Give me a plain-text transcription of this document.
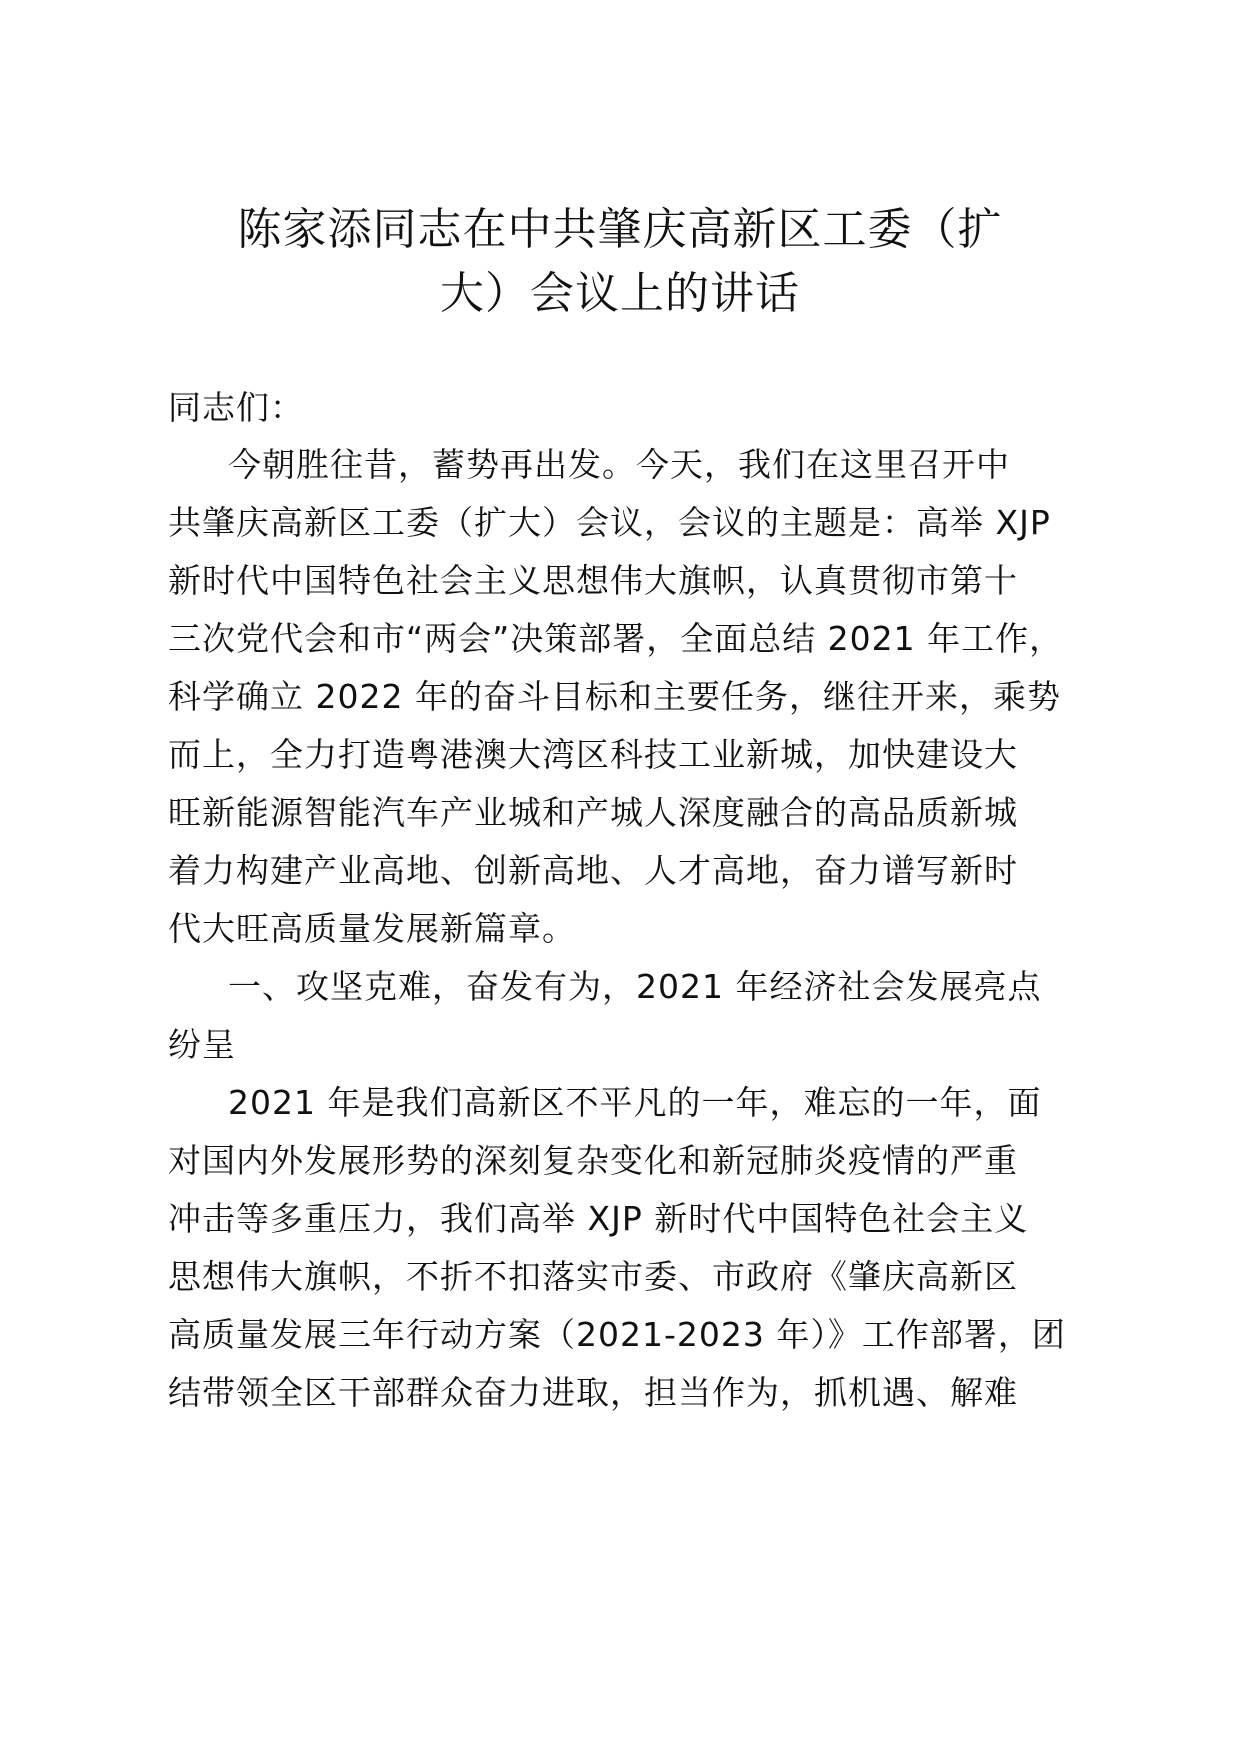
陈家添同志在中共肇庆高新区工委（扩
大）会议上的讲话
同志们：
今朝胜往昔，蓄势再出发。今天，我们在这里召开中
共肇庆高新区工委（扩大）会议，会议的主题是：高举 XJP
新时代中国特色社会主义思想伟大旗帜，认真贯彻市第十
三次党代会和市“两会”决策部署，全面总结 2021 年工作，
科学确立 2022 年的奋斗目标和主要任务，继往开来，乘势
而上，全力打造粤港澳大湾区科技工业新城，加快建设大
旺新能源智能汽车产业城和产城人深度融合的高品质新城
着力构建产业高地、创新高地、人才高地，奋力谱写新时
代大旺高质量发展新篇章。
一、攻坚克难，奋发有为，2021 年经济社会发展亮点
纷呈
2021 年是我们高新区不平凡的一年，难忘的一年，面
对国内外发展形势的深刻复杂变化和新冠肺炎疫情的严重
冲击等多重压力，我们高举 XJP 新时代中国特色社会主义
思想伟大旗帜，不折不扣落实市委、市政府《肇庆高新区
高质量发展三年行动方案（2021-2023 年）》工作部署，团
结带领全区干部群众奋力进取，担当作为，抓机遇、解难
